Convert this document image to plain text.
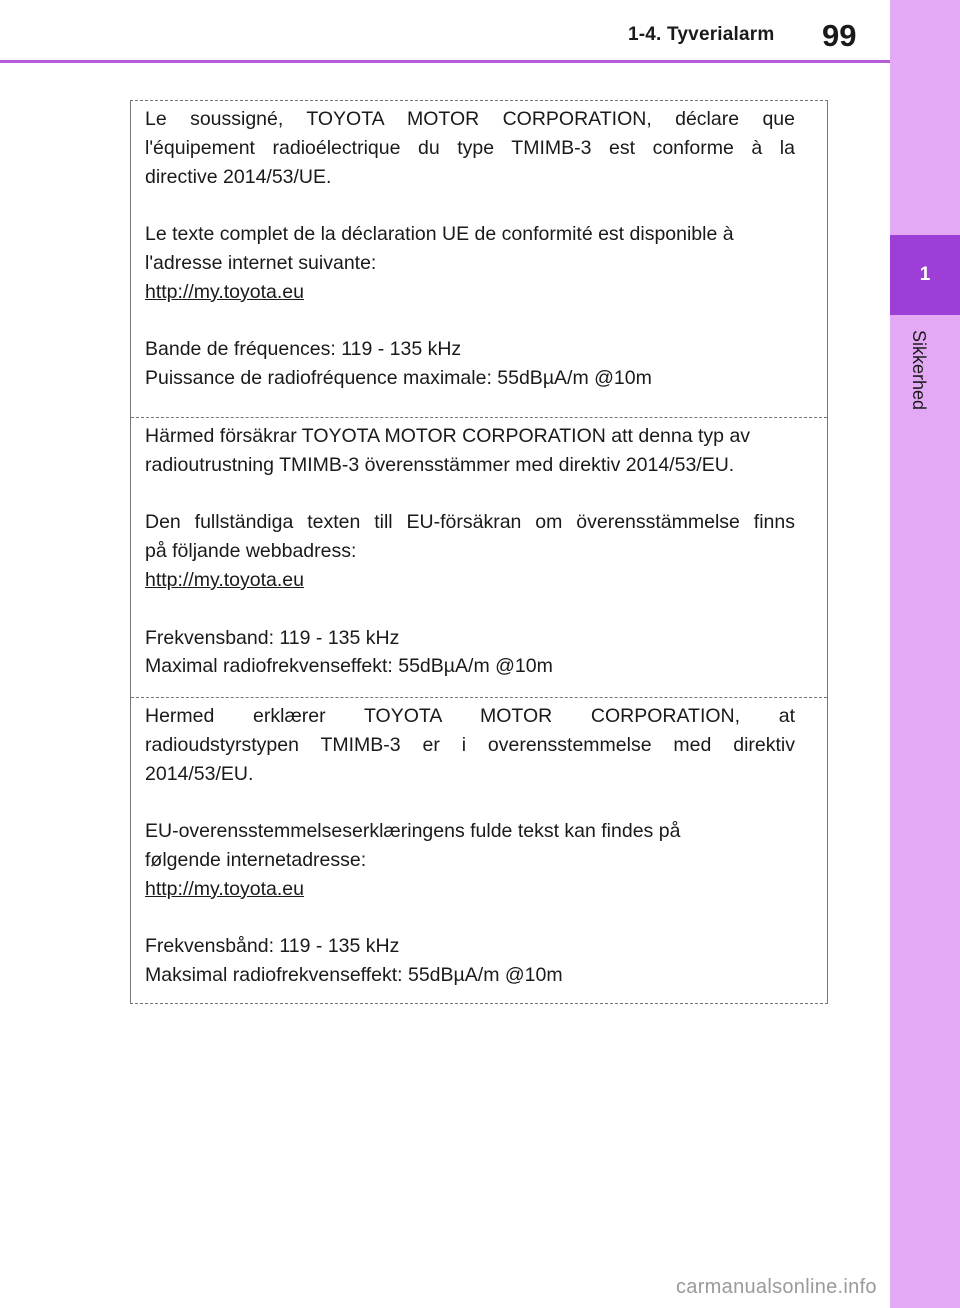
1-4. Tyverialarm 99
1
Sikkerhed

Le soussigné, TOYOTA MOTOR CORPORATION, déclare que

l'équipement radioélectrique du type TMIMB-3 est conforme à la

directive 2014/53/UE.

Le texte complet de la déclaration UE de conformité est disponible à

l'adresse internet suivante:

http://my.toyota.eu

Bande de fréquences: 119 - 135 kHz

Puissance de radiofréquence maximale: 55dBµA/m @10m

Härmed försäkrar TOYOTA MOTOR CORPORATION att denna typ av

radioutrustning TMIMB-3 överensstämmer med direktiv 2014/53/EU.

Den fullständiga texten till EU-försäkran om överensstämmelse finns

på följande webbadress:

http://my.toyota.eu

Frekvensband: 119 - 135 kHz

Maximal radiofrekvenseffekt: 55dBµA/m @10m

Hermed erklærer TOYOTA MOTOR CORPORATION, at

radioudstyrstypen TMIMB-3 er i overensstemmelse med direktiv

2014/53/EU.

EU-overensstemmelseserklæringens fulde tekst kan findes på

følgende internetadresse:

http://my.toyota.eu

Frekvensbånd: 119 - 135 kHz

Maksimal radiofrekvenseffekt: 55dBµA/m @10m

carmanualsonline.info
